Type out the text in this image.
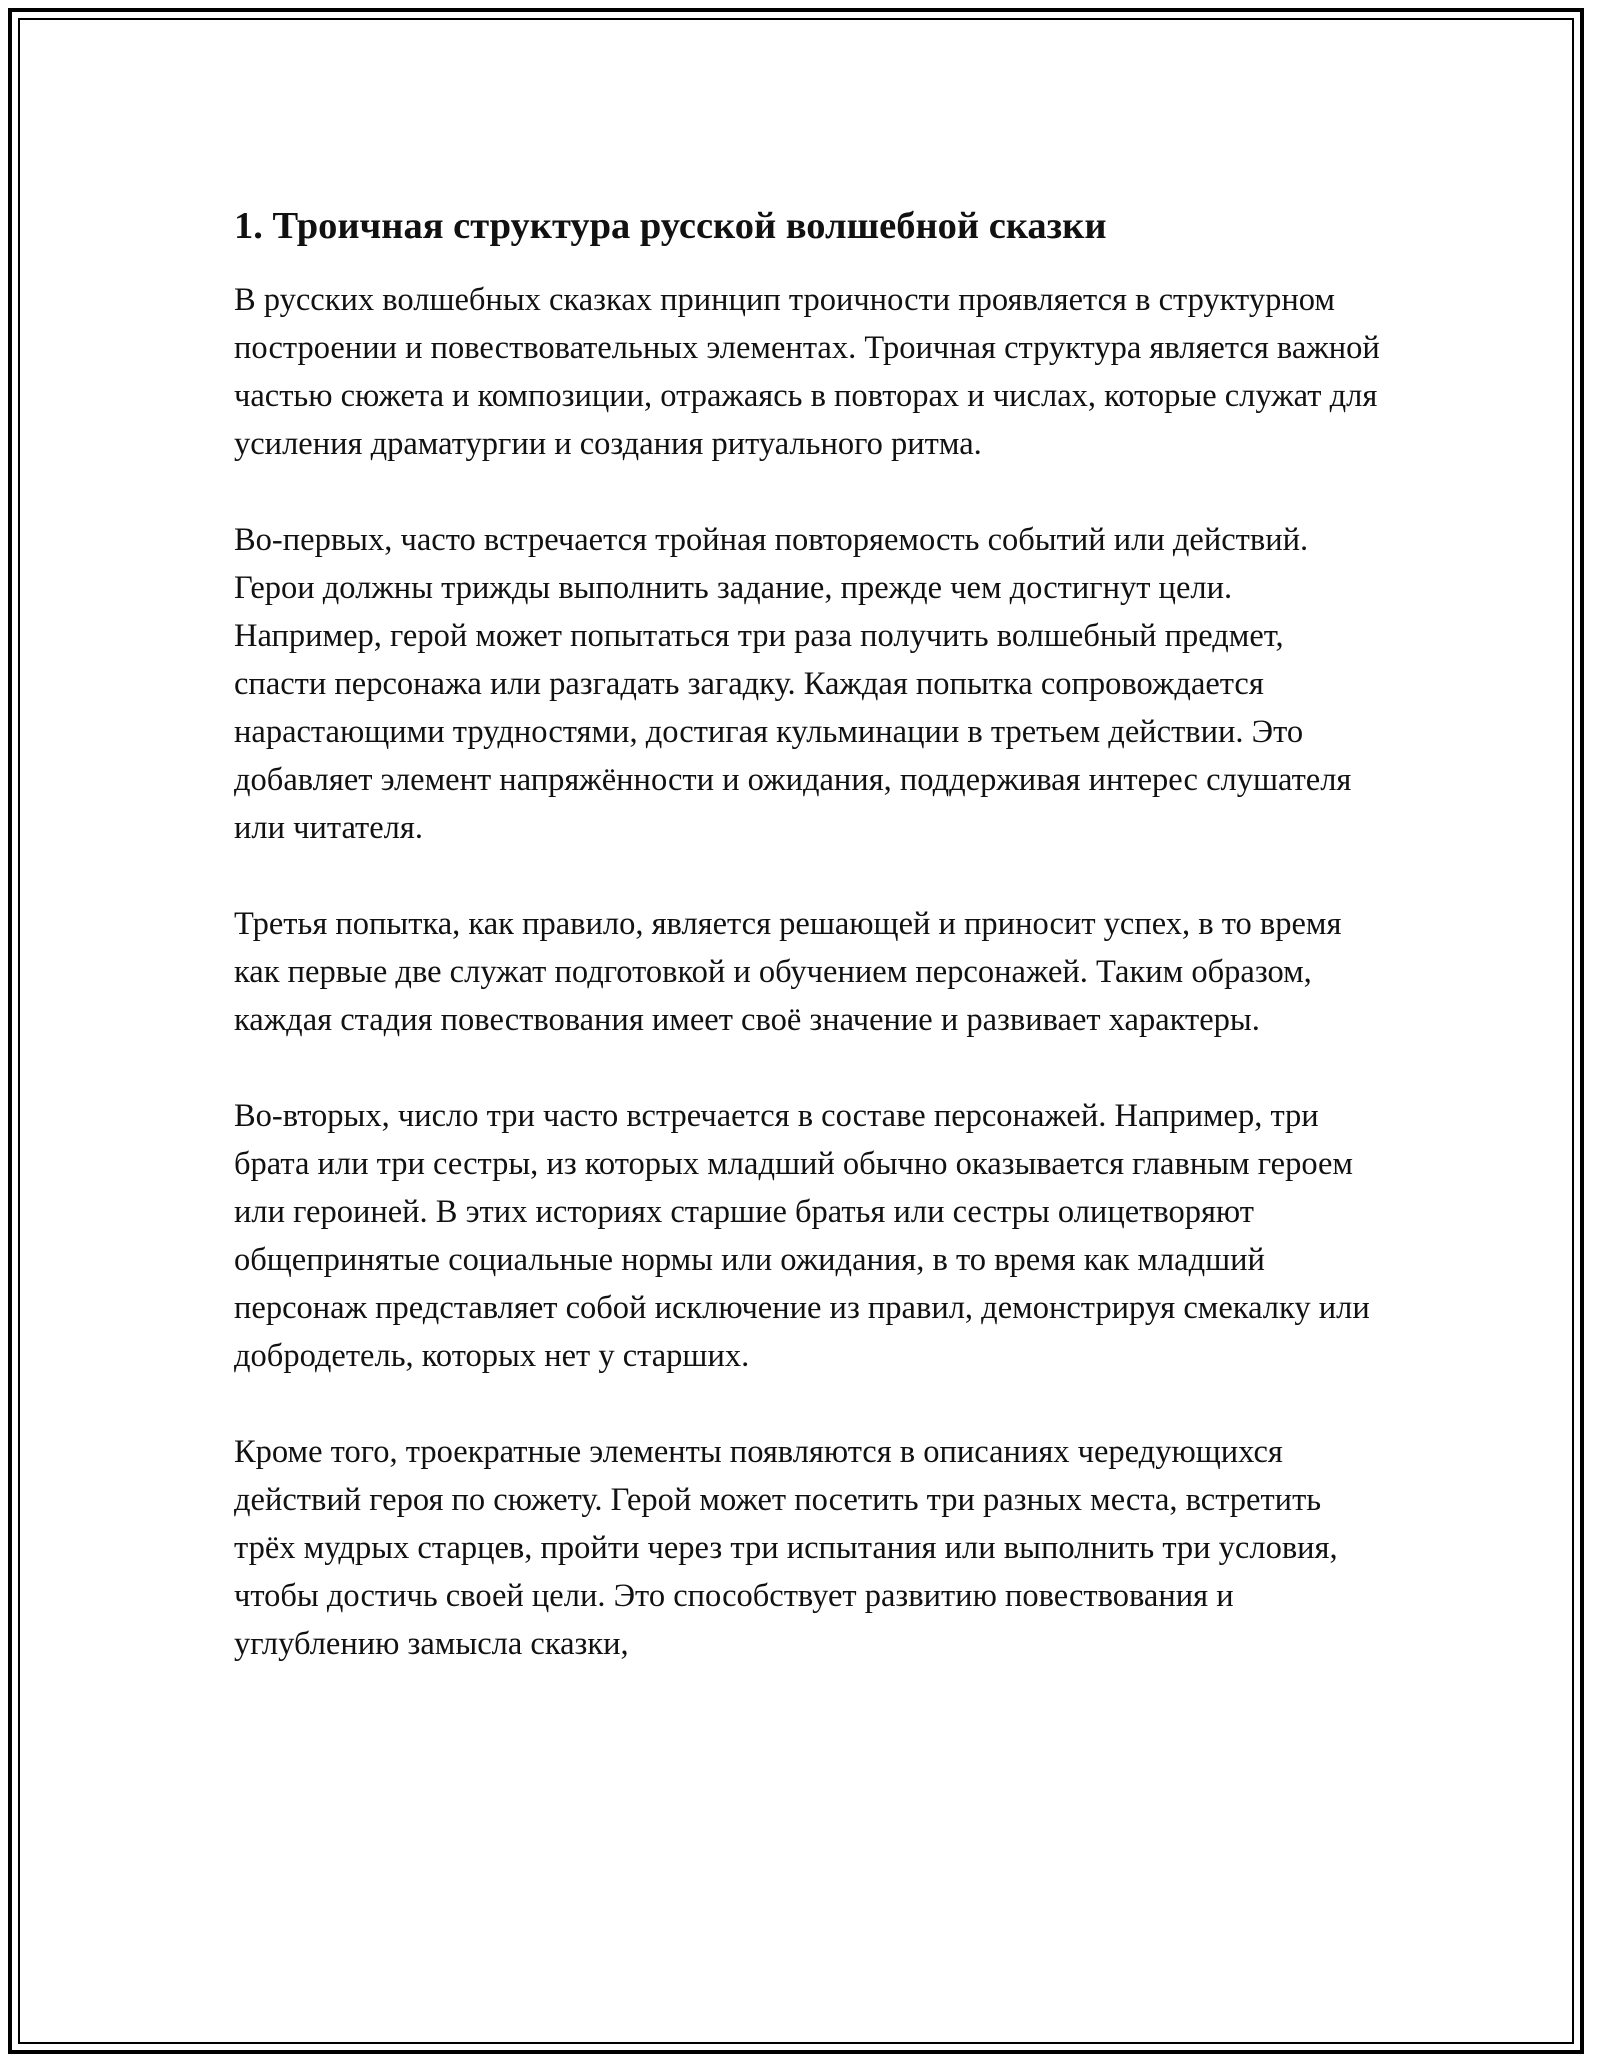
1. Троичная структура русской волшебной сказки

В русских волшебных сказках принцип троичности проявляется в структурном построении и повествовательных элементах. Троичная структура является важной частью сюжета и композиции, отражаясь в повторах и числах, которые служат для усиления драматургии и создания ритуального ритма.

Во-первых, часто встречается тройная повторяемость событий или действий. Герои должны трижды выполнить задание, прежде чем достигнут цели. Например, герой может попытаться три раза получить волшебный предмет, спасти персонажа или разгадать загадку. Каждая попытка сопровождается нарастающими трудностями, достигая кульминации в третьем действии. Это добавляет элемент напряжённости и ожидания, поддерживая интерес слушателя или читателя.

Третья попытка, как правило, является решающей и приносит успех, в то время как первые две служат подготовкой и обучением персонажей. Таким образом, каждая стадия повествования имеет своё значение и развивает характеры.

Во-вторых, число три часто встречается в составе персонажей. Например, три брата или три сестры, из которых младший обычно оказывается главным героем или героиней. В этих историях старшие братья или сестры олицетворяют общепринятые социальные нормы или ожидания, в то время как младший персонаж представляет собой исключение из правил, демонстрируя смекалку или добродетель, которых нет у старших.

Кроме того, троекратные элементы появляются в описаниях чередующихся действий героя по сюжету. Герой может посетить три разных места, встретить трёх мудрых старцев, пройти через три испытания или выполнить три условия, чтобы достичь своей цели. Это способствует развитию повествования и углублению замысла сказки,
